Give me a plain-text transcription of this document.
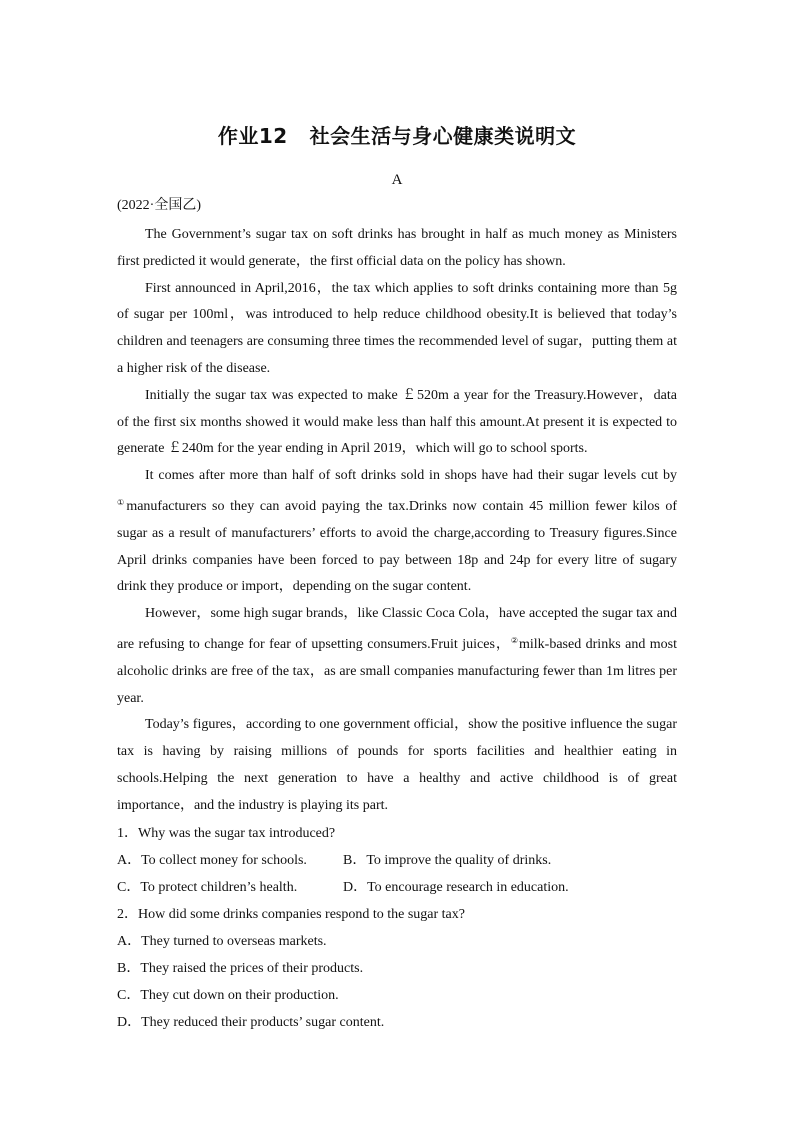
作业12 社会生活与身心健康类说明文

A

(2022·全国乙)

The Government’s sugar tax on soft drinks has brought in half as much money as Ministers first predicted it would generate，the first official data on the policy has shown.

First announced in April,2016，the tax which applies to soft drinks containing more than 5g of sugar per 100ml，was introduced to help reduce childhood obesity.It is believed that today’s children and teenagers are consuming three times the recommended level of sugar，putting them at a higher risk of the disease.

Initially the sugar tax was expected to make ￡520m a year for the Treasury.However，data of the first six months showed it would make less than half this amount.At present it is expected to generate ￡240m for the year ending in April 2019，which will go to school sports.

It comes after more than half of soft drinks sold in shops have had their sugar levels cut by ①manufacturers so they can avoid paying the tax.Drinks now contain 45 million fewer kilos of sugar as a result of manufacturers’ efforts to avoid the charge,according to Treasury figures.Since April drinks companies have been forced to pay between 18p and 24p for every litre of sugary drink they produce or import，depending on the sugar content.

However，some high sugar brands，like Classic Coca Cola，have accepted the sugar tax and are refusing to change for fear of upsetting consumers.Fruit juices，②milk-based drinks and most alcoholic drinks are free of the tax，as are small companies manufacturing fewer than 1m litres per year.

Today’s figures，according to one government official，show the positive influence the sugar tax is having by raising millions of pounds for sports facilities and healthier eating in schools.Helping the next generation to have a healthy and active childhood is of great importance，and the industry is playing its part.

1．Why was the sugar tax introduced?

A．To collect money for schools.	B．To improve the quality of drinks.
C．To protect children’s health.	D．To encourage research in education.

2．How did some drinks companies respond to the sugar tax?

A．They turned to overseas markets.

B．They raised the prices of their products.

C．They cut down on their production.

D．They reduced their products’ sugar content.
